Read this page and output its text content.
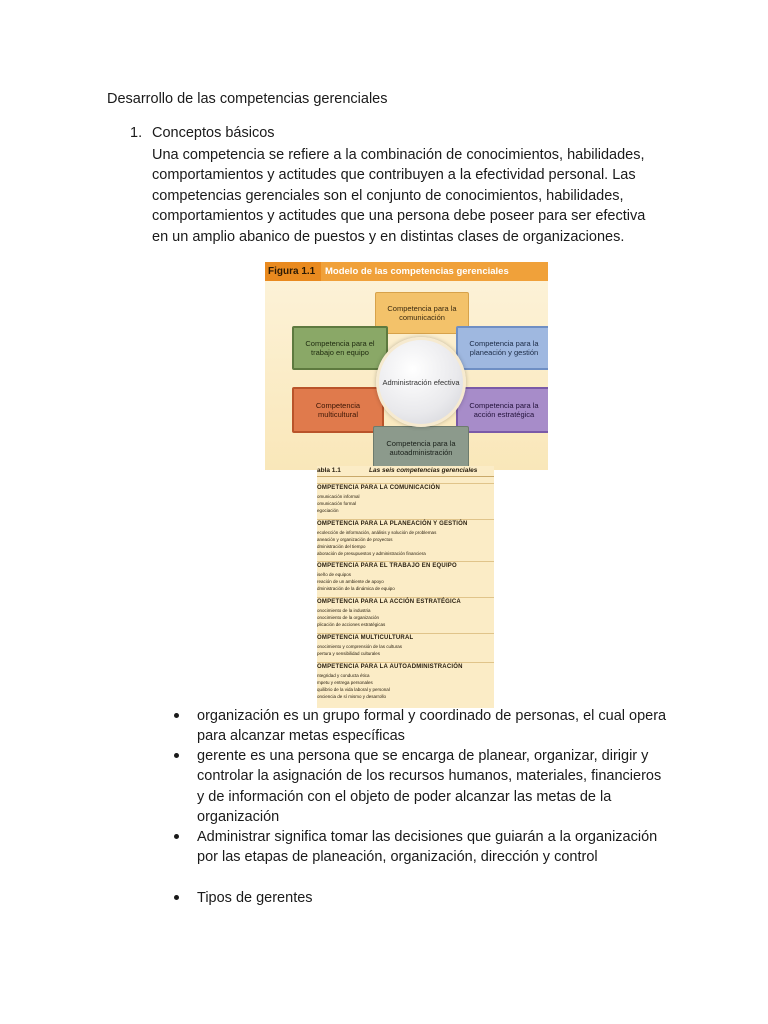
Desarrollo de las competencias gerenciales
1. Conceptos básicos

Una competencia se refiere a la combinación de conocimientos, habilidades, comportamientos y actitudes que contribuyen a la efectividad personal. Las competencias gerenciales son el conjunto de conocimientos, habilidades, comportamientos y actitudes que una persona debe poseer para ser efectiva en un amplio abanico de puestos y en distintas clases de organizaciones.

Figura 1.1	Modelo de las competencias gerenciales
Competencia para la comunicación
Competencia para el trabajo en equipo
Competencia para la planeación y gestión
Competencia multicultural
Competencia para la acción estratégica
Competencia para la autoadministración
Administración efectiva
abla 1.1	Las seis competencias gerenciales
OMPETENCIA PARA LA COMUNICACIÓN
omunicación informal
omunicación formal
egociación
OMPETENCIA PARA LA PLANEACIÓN Y GESTIÓN
ecolección de información, análisis y solución de problemas
aneación y organización de proyectos
dministración del tiempo
aboración de presupuestos y administración financiera
OMPETENCIA PARA EL TRABAJO EN EQUIPO
iseño de equipos
reación de un ambiente de apoyo
dministración de la dinámica de equipo
OMPETENCIA PARA LA ACCIÓN ESTRATÉGICA
onocimiento de la industria
onocimiento de la organización
plicación de acciones estratégicas
OMPETENCIA MULTICULTURAL
onocimiento y comprensión de las culturas
pertura y sensibilidad culturales
OMPETENCIA PARA LA AUTOADMINISTRACIÓN
ntegridad y conducta ética
mpetu y entrega personales
quilibrio de la vida laboral y personal
onciencia de sí mismo y desarrollo

organización es un grupo formal y coordinado de personas, el cual opera para alcanzar metas específicas

gerente es una persona que se encarga de planear, organizar, dirigir y controlar la asignación de los recursos humanos, materiales, financieros y de información con el objeto de poder alcanzar las metas de la organización

Administrar significa tomar las decisiones que guiarán a la organización por las etapas de planeación, organización, dirección y control

Tipos de gerentes
